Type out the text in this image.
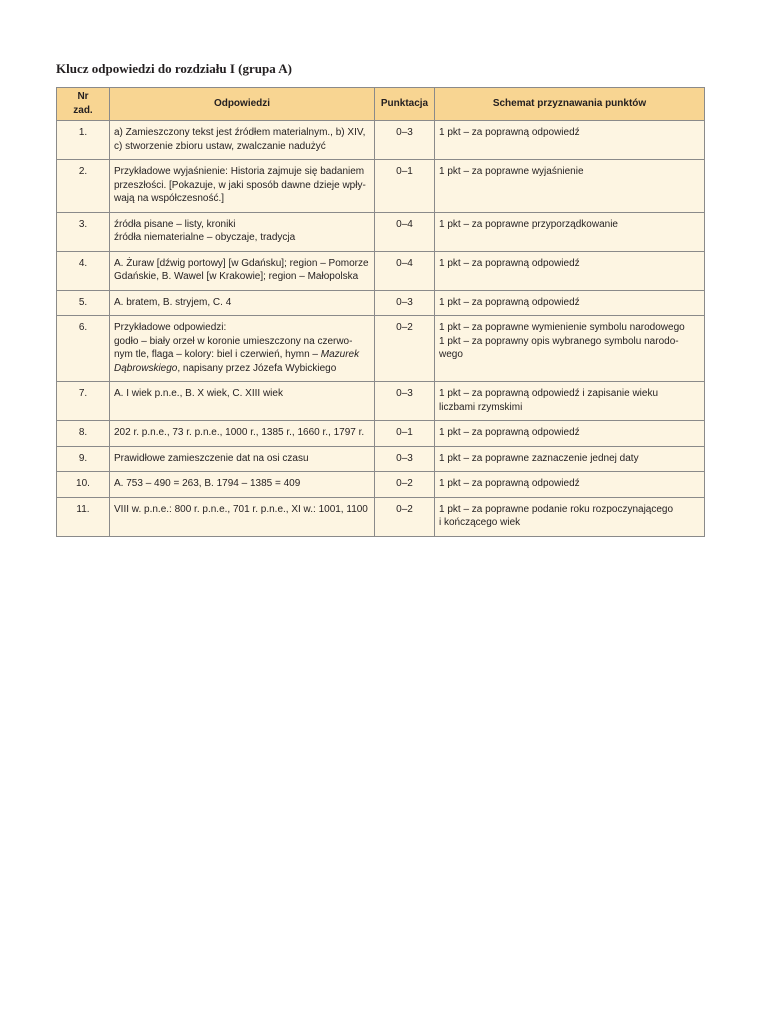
Klucz odpowiedzi do rozdziału I (grupa A)
Nr
zad.	Odpowiedzi	Punktacja	Schemat przyznawania punktów
1.	a) Zamieszczony tekst jest źródłem materialnym., b) XIV,
c) stworzenie zbioru ustaw, zwalczanie nadużyć	0–3	1 pkt – za poprawną odpowiedź

2.	Przykładowe wyjaśnienie: Historia zajmuje się badaniem
przeszłości. [Pokazuje, w jaki sposób dawne dzieje wpły-
wają na współczesność.]	0–1	1 pkt – za poprawne wyjaśnienie

3.	źródła pisane – listy, kroniki
źródła niematerialne – obyczaje, tradycja	0–4	1 pkt – za poprawne przyporządkowanie

4.	A. Żuraw [dźwig portowy] [w Gdańsku]; region – Pomorze
Gdańskie, B. Wawel [w Krakowie]; region – Małopolska	0–4	1 pkt – za poprawną odpowiedź

5.	A. bratem, B. stryjem, C. 4	0–3	1 pkt – za poprawną odpowiedź

6.	Przykładowe odpowiedzi:
godło – biały orzeł w koronie umieszczony na czerwo-
nym tle, flaga – kolory: biel i czerwień, hymn – Mazurek
Dąbrowskiego, napisany przez Józefa Wybickiego	0–2	1 pkt – za poprawne wymienienie symbolu narodowego
1 pkt – za poprawny opis wybranego symbolu narodo-
wego

7.	A. I wiek p.n.e., B. X wiek, C. XIII wiek	0–3	1 pkt – za poprawną odpowiedź i zapisanie wieku
liczbami rzymskimi

8.	202 r. p.n.e., 73 r. p.n.e., 1000 r., 1385 r., 1660 r., 1797 r.	0–1	1 pkt – za poprawną odpowiedź

9.	Prawidłowe zamieszczenie dat na osi czasu	0–3	1 pkt – za poprawne zaznaczenie jednej daty

10.	A. 753 – 490 = 263, B. 1794 – 1385 = 409	0–2	1 pkt – za poprawną odpowiedź

11.	VIII w. p.n.e.: 800 r. p.n.e., 701 r. p.n.e., XI w.: 1001, 1100	0–2	1 pkt – za poprawne podanie roku rozpoczynającego
i kończącego wiek
